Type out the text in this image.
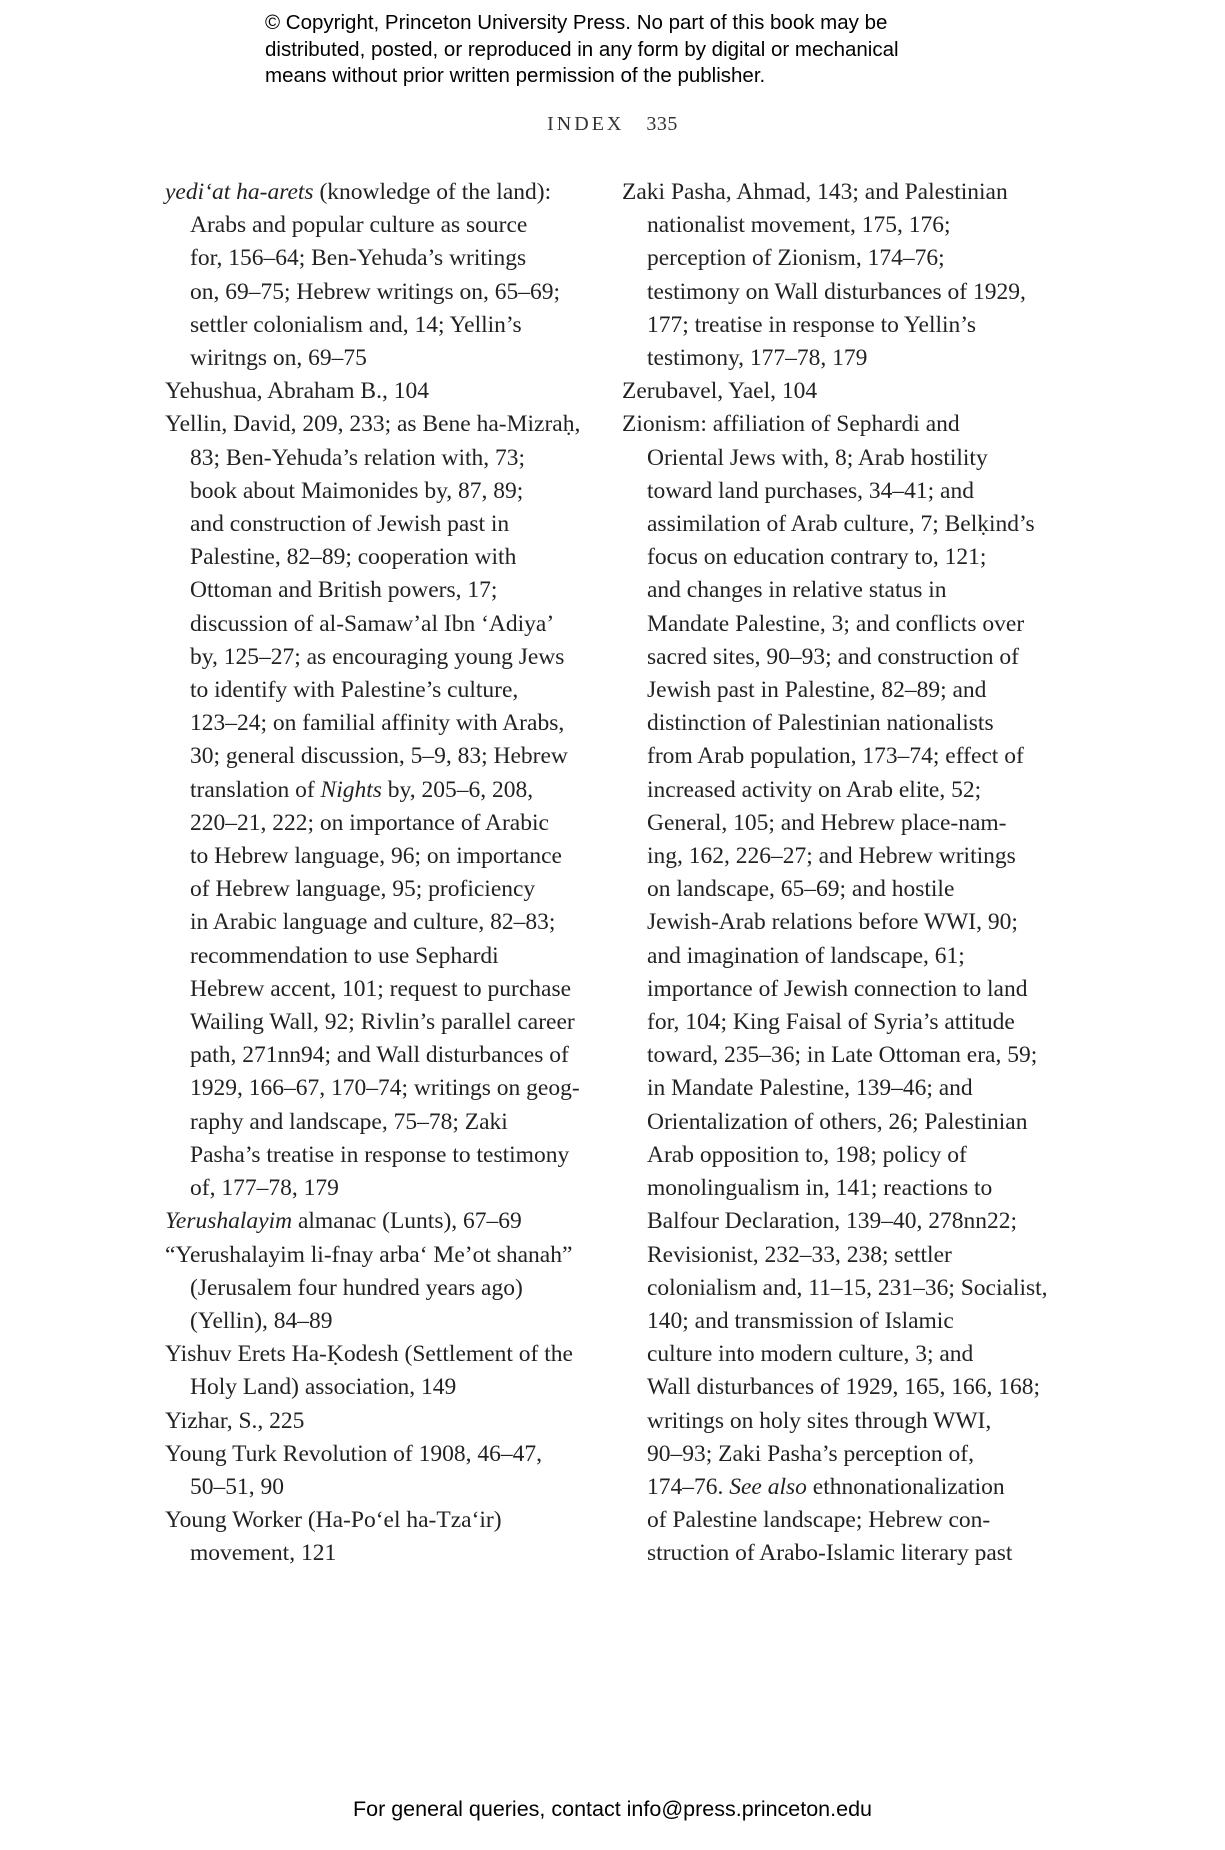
© Copyright, Princeton University Press. No part of this book may be
distributed, posted, or reproduced in any form by digital or mechanical
means without prior written permission of the publisher.
INDEX 335
yedi‘at ha-arets (knowledge of the land):
Arabs and popular culture as source
for, 156–64; Ben-Yehuda’s writings
on, 69–75; Hebrew writings on, 65–69;
settler colonialism and, 14; Yellin’s
wiritngs on, 69–75
Yehushua, Abraham B., 104
Yellin, David, 209, 233; as Bene ha-Mizraḥ,
83; Ben-Yehuda’s relation with, 73;
book about Maimonides by, 87, 89;
and construction of Jewish past in
Palestine, 82–89; cooperation with
Ottoman and British powers, 17;
discussion of al-Samaw’al Ibn ‘Adiya’
by, 125–27; as encouraging young Jews
to identify with Palestine’s culture,
123–24; on familial affinity with Arabs,
30; general discussion, 5–9, 83; Hebrew
translation of Nights by, 205–6, 208,
220–21, 222; on importance of Arabic
to Hebrew language, 96; on importance
of Hebrew language, 95; proficiency
in Arabic language and culture, 82–83;
recommendation to use Sephardi
Hebrew accent, 101; request to purchase
Wailing Wall, 92; Rivlin’s parallel career
path, 271nn94; and Wall disturbances of
1929, 166–67, 170–74; writings on geog-
raphy and landscape, 75–78; Zaki
Pasha’s treatise in response to testimony
of, 177–78, 179
Yerushalayim almanac (Lunts), 67–69
“Yerushalayim li-fnay arba‘ Me’ot shanah”
(Jerusalem four hundred years ago)
(Yellin), 84–89
Yishuv Erets Ha-Ḳodesh (Settlement of the
Holy Land) association, 149
Yizhar, S., 225
Young Turk Revolution of 1908, 46–47,
50–51, 90
Young Worker (Ha-Po‘el ha-Tza‘ir)
movement, 121
Zaki Pasha, Ahmad, 143; and Palestinian
nationalist movement, 175, 176;
perception of Zionism, 174–76;
testimony on Wall disturbances of 1929,
177; treatise in response to Yellin’s
testimony, 177–78, 179
Zerubavel, Yael, 104
Zionism: affiliation of Sephardi and
Oriental Jews with, 8; Arab hostility
toward land purchases, 34–41; and
assimilation of Arab culture, 7; Belḳind’s
focus on education contrary to, 121;
and changes in relative status in
Mandate Palestine, 3; and conflicts over
sacred sites, 90–93; and construction of
Jewish past in Palestine, 82–89; and
distinction of Palestinian nationalists
from Arab population, 173–74; effect of
increased activity on Arab elite, 52;
General, 105; and Hebrew place-nam-
ing, 162, 226–27; and Hebrew writings
on landscape, 65–69; and hostile
Jewish-Arab relations before WWI, 90;
and imagination of landscape, 61;
importance of Jewish connection to land
for, 104; King Faisal of Syria’s attitude
toward, 235–36; in Late Ottoman era, 59;
in Mandate Palestine, 139–46; and
Orientalization of others, 26; Palestinian
Arab opposition to, 198; policy of
monolingualism in, 141; reactions to
Balfour Declaration, 139–40, 278nn22;
Revisionist, 232–33, 238; settler
colonialism and, 11–15, 231–36; Socialist,
140; and transmission of Islamic
culture into modern culture, 3; and
Wall disturbances of 1929, 165, 166, 168;
writings on holy sites through WWI,
90–93; Zaki Pasha’s perception of,
174–76. See also ethnonationalization
of Palestine landscape; Hebrew con-
struction of Arabo-Islamic literary past
For general queries, contact info@press.princeton.edu
